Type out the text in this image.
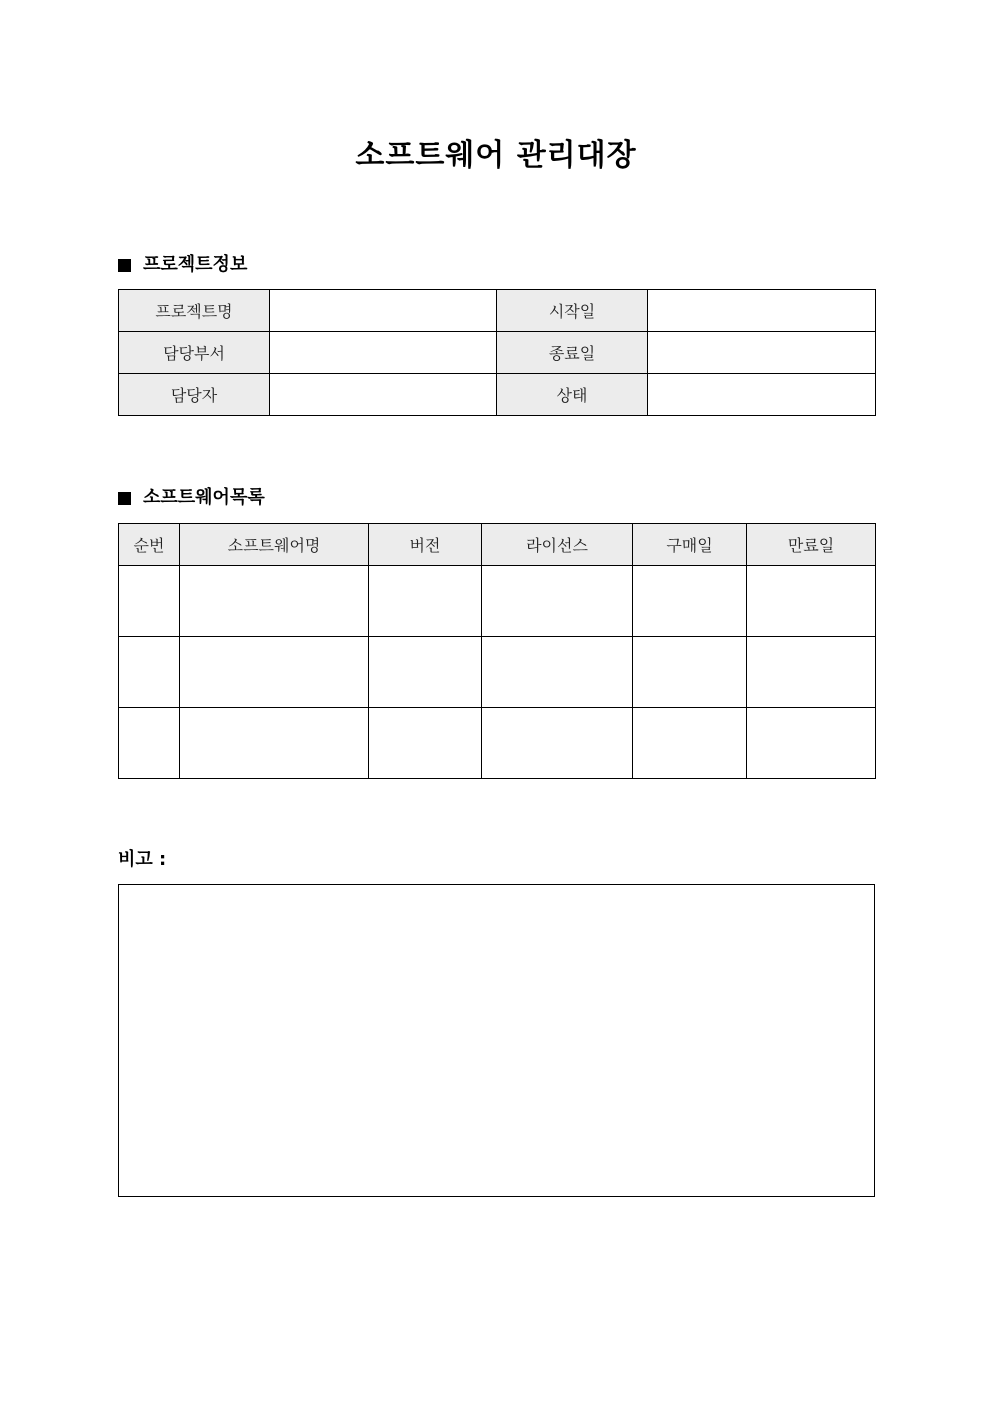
소프트웨어 관리대장
프로젝트정보
프로젝트명		시작일	
담당부서		종료일	
담당자		상태	
소프트웨어목록
순번	소프트웨어명	버전	라이선스	구매일	만료일

비고 :
